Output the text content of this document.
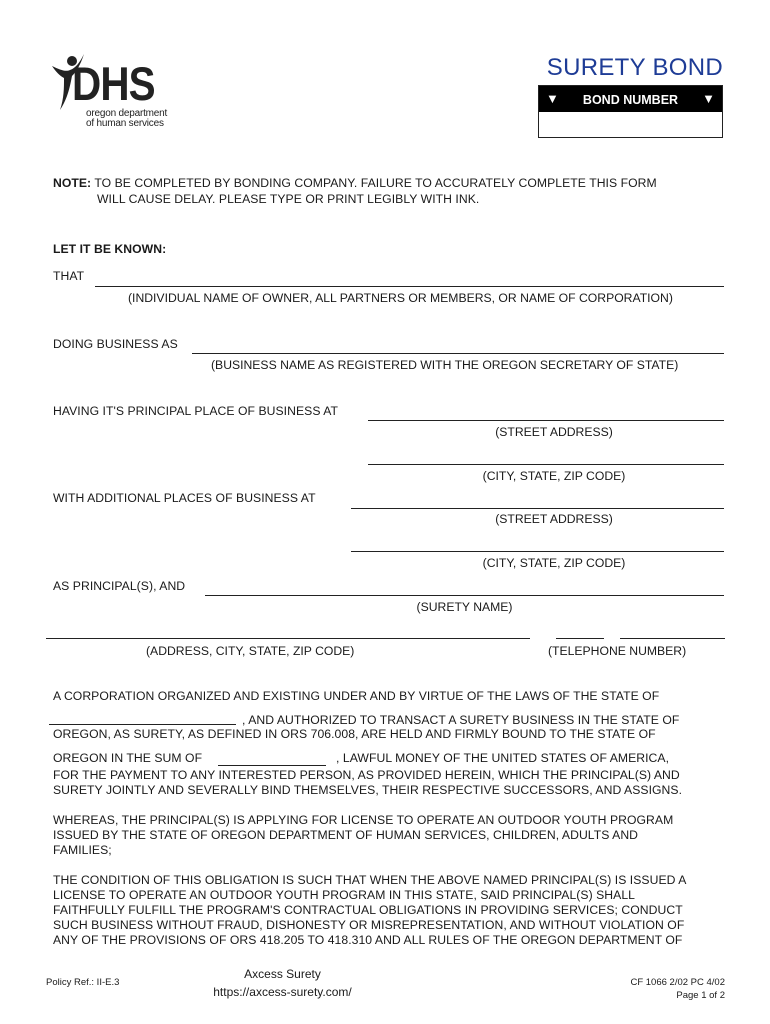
DHS
oregon department
of human services
SURETY BOND
▼	BOND NUMBER	▼
NOTE: TO BE COMPLETED BY BONDING COMPANY. FAILURE TO ACCURATELY COMPLETE THIS FORM
WILL CAUSE DELAY. PLEASE TYPE OR PRINT LEGIBLY WITH INK.
LET IT BE KNOWN:
THAT
(INDIVIDUAL NAME OF OWNER, ALL PARTNERS OR MEMBERS, OR NAME OF CORPORATION)
DOING BUSINESS AS
(BUSINESS NAME AS REGISTERED WITH THE OREGON SECRETARY OF STATE)
HAVING IT'S PRINCIPAL PLACE OF BUSINESS AT
(STREET ADDRESS)
(CITY, STATE, ZIP CODE)
WITH ADDITIONAL PLACES OF BUSINESS AT
(STREET ADDRESS)
(CITY, STATE, ZIP CODE)
AS PRINCIPAL(S), AND
(SURETY NAME)
(ADDRESS, CITY, STATE, ZIP CODE)	(TELEPHONE NUMBER)
A CORPORATION ORGANIZED AND EXISTING UNDER AND BY VIRTUE OF THE LAWS OF THE STATE OF
, AND AUTHORIZED TO TRANSACT A SURETY BUSINESS IN THE STATE OF
OREGON, AS SURETY, AS DEFINED IN ORS 706.008, ARE HELD AND FIRMLY BOUND TO THE STATE OF
OREGON IN THE SUM OF	, LAWFUL MONEY OF THE UNITED STATES OF AMERICA,
FOR THE PAYMENT TO ANY INTERESTED PERSON, AS PROVIDED HEREIN, WHICH THE PRINCIPAL(S) AND
SURETY JOINTLY AND SEVERALLY BIND THEMSELVES, THEIR RESPECTIVE SUCCESSORS, AND ASSIGNS.
WHEREAS, THE PRINCIPAL(S) IS APPLYING FOR LICENSE TO OPERATE AN OUTDOOR YOUTH PROGRAM
ISSUED BY THE STATE OF OREGON DEPARTMENT OF HUMAN SERVICES, CHILDREN, ADULTS AND
FAMILIES;
THE CONDITION OF THIS OBLIGATION IS SUCH THAT WHEN THE ABOVE NAMED PRINCIPAL(S) IS ISSUED A
LICENSE TO OPERATE AN OUTDOOR YOUTH PROGRAM IN THIS STATE, SAID PRINCIPAL(S) SHALL
FAITHFULLY FULFILL THE PROGRAM'S CONTRACTUAL OBLIGATIONS IN PROVIDING SERVICES; CONDUCT
SUCH BUSINESS WITHOUT FRAUD, DISHONESTY OR MISREPRESENTATION, AND WITHOUT VIOLATION OF
ANY OF THE PROVISIONS OF ORS 418.205 TO 418.310 AND ALL RULES OF THE OREGON DEPARTMENT OF
Policy Ref.: II-E.3
Axcess Surety
https://axcess-surety.com/
CF 1066 2/02 PC 4/02
Page 1 of 2
